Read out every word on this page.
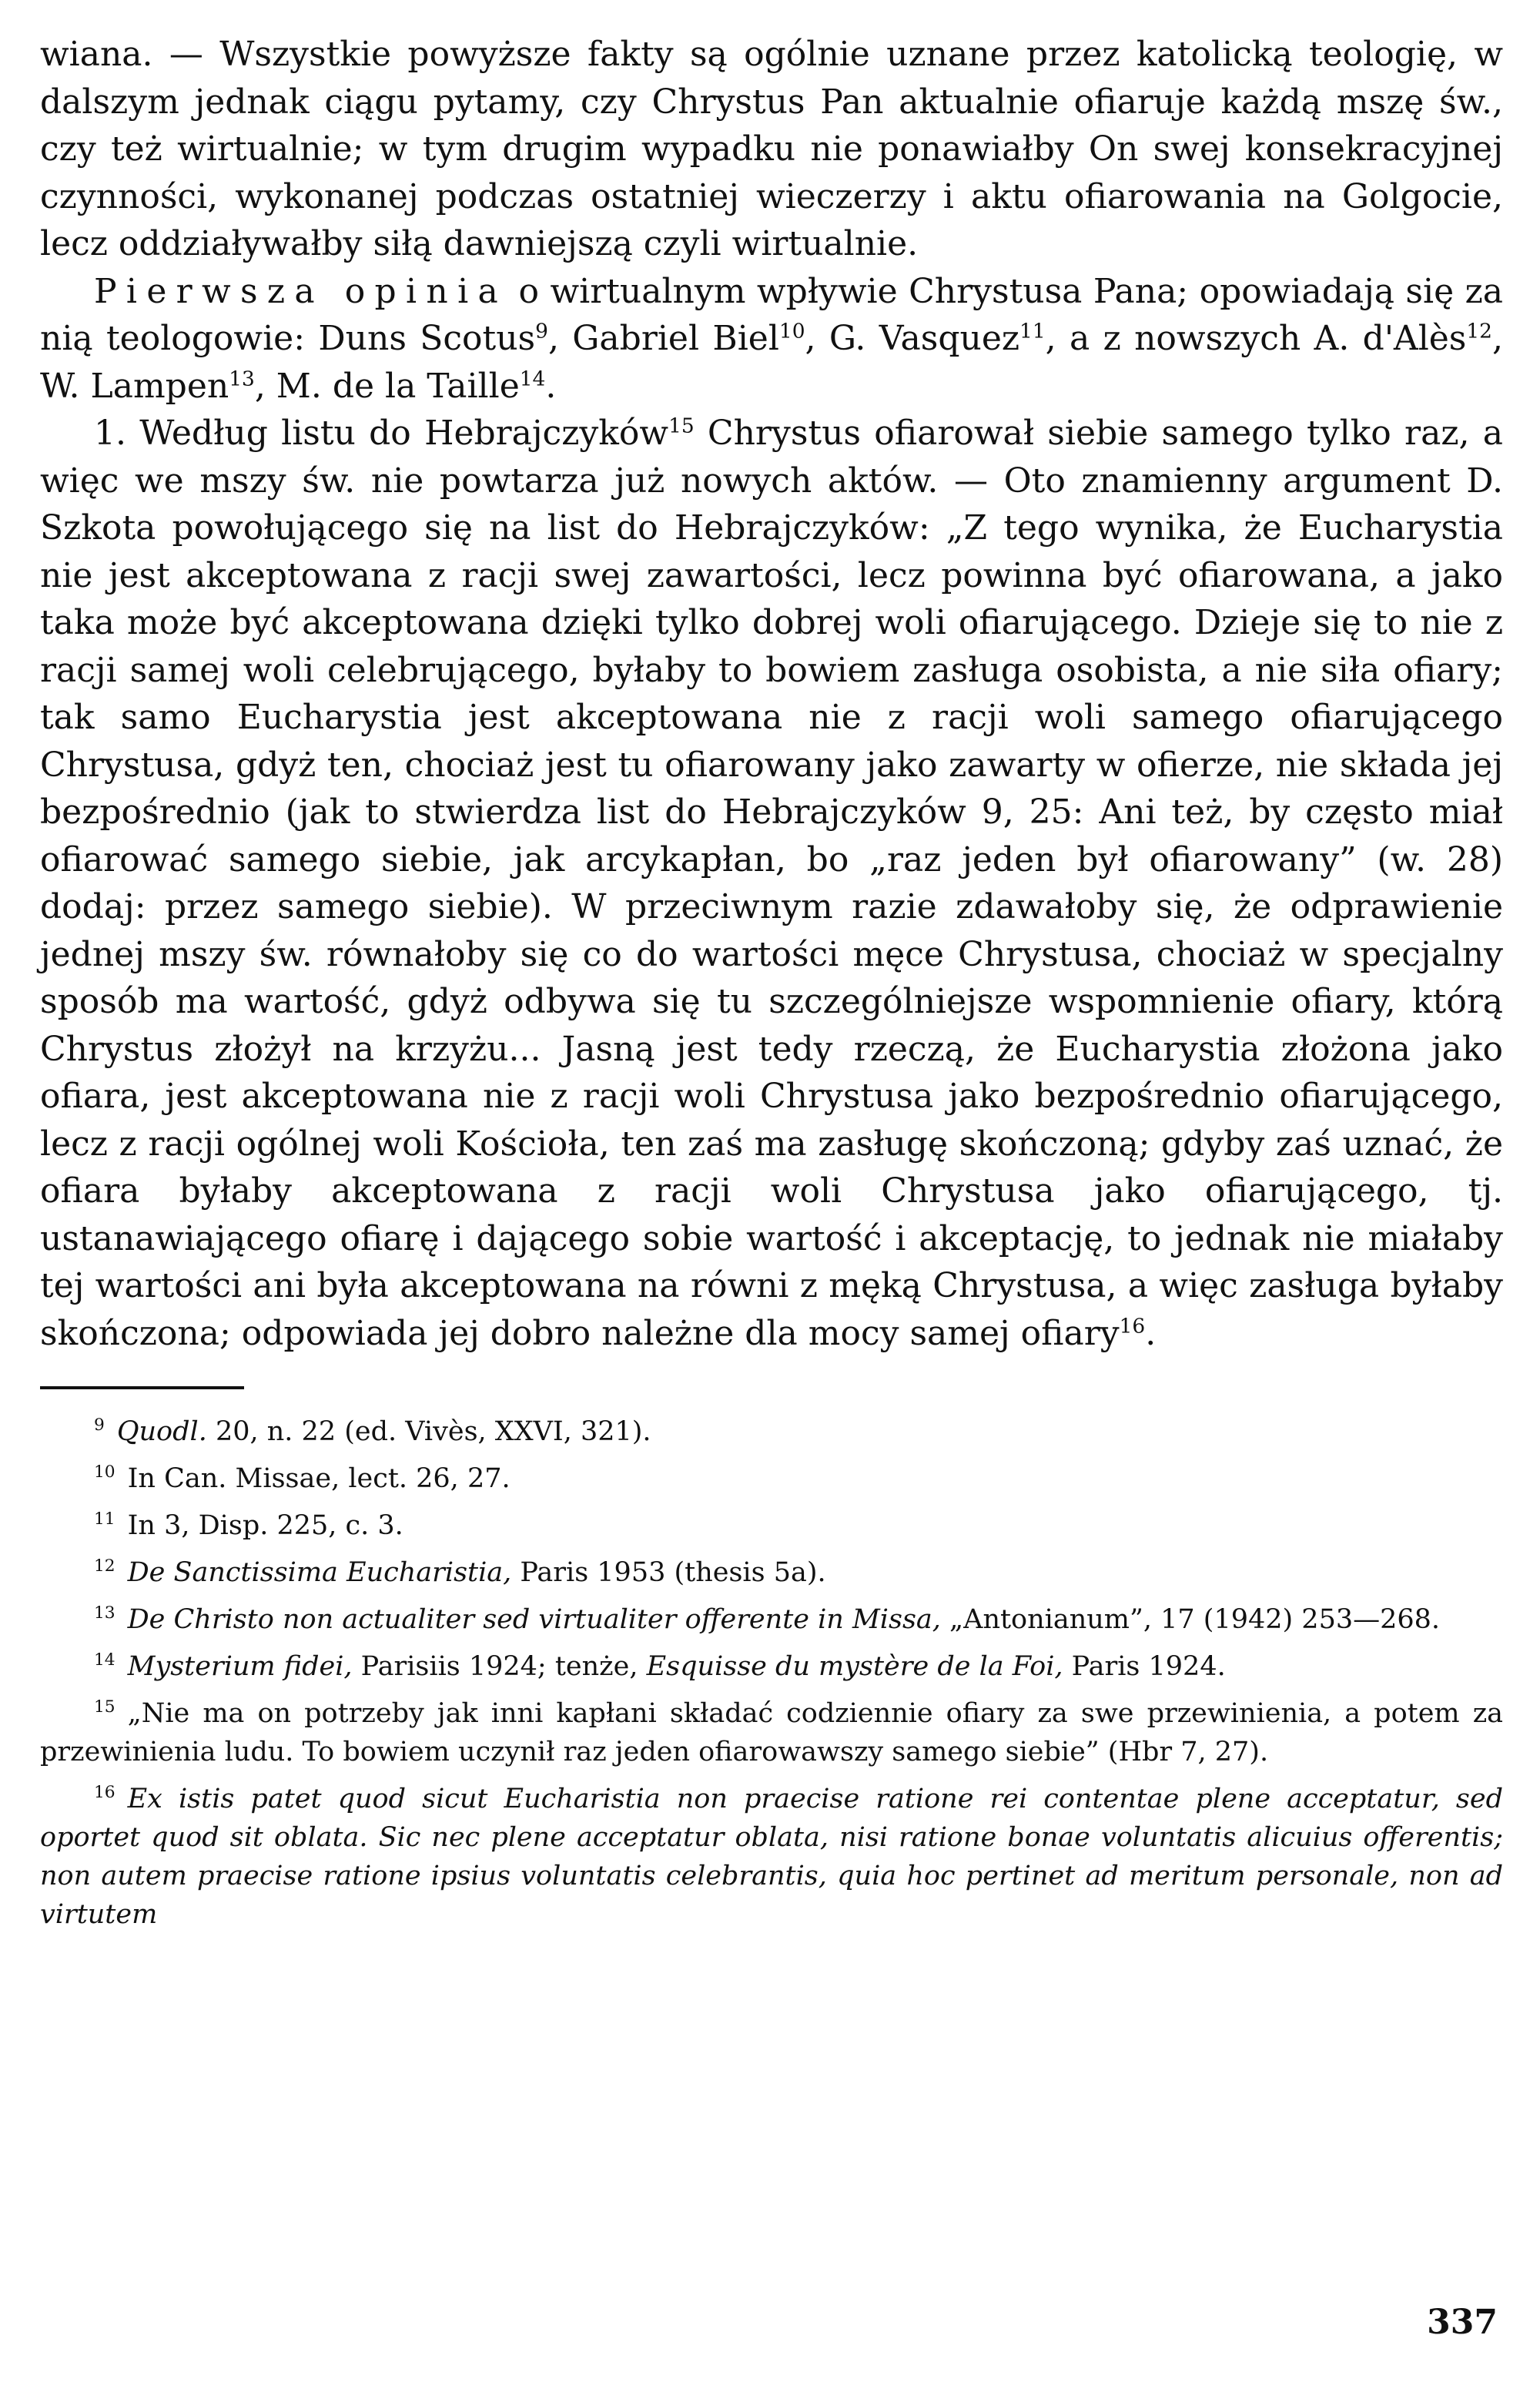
wiana. — Wszystkie powyższe fakty są ogólnie uznane przez katolicką teologię, w dalszym jednak ciągu pytamy, czy Chrystus Pan aktualnie ofiaruje każdą mszę św., czy też wirtualnie; w tym drugim wypadku nie ponawiałby On swej konsekracyjnej czynności, wykonanej podczas ostatniej wieczerzy i aktu ofiarowania na Golgocie, lecz oddziaływałby siłą dawniejszą czyli wirtualnie.

Pierwsza opinia o wirtualnym wpływie Chrystusa Pana; opowiadają się za nią teologowie: Duns Scotus$^9$, Gabriel Biel$^{10}$, G. Vasquez$^{11}$, a z nowszych A. d'Alès$^{12}$, W. Lampen$^{13}$, M. de la Taille$^{14}$.

1. Według listu do Hebrajczyków$^{15}$ Chrystus ofiarował siebie samego tylko raz, a więc we mszy św. nie powtarza już nowych aktów. — Oto znamienny argument D. Szkota powołującego się na list do Hebrajczyków: „Z tego wynika, że Eucharystia nie jest akceptowana z racji swej zawartości, lecz powinna być ofiarowana, a jako taka może być akceptowana dzięki tylko dobrej woli ofiarującego. Dzieje się to nie z racji samej woli celebrującego, byłaby to bowiem zasługa osobista, a nie siła ofiary; tak samo Eucharystia jest akceptowana nie z racji woli samego ofiarującego Chrystusa, gdyż ten, chociaż jest tu ofiarowany jako zawarty w ofierze, nie składa jej bezpośrednio (jak to stwierdza list do Hebrajczyków 9, 25: Ani też, by często miał ofiarować samego siebie, jak arcykapłan, bo „raz jeden był ofiarowany” (w. 28) dodaj: przez samego siebie). W przeciwnym razie zdawałoby się, że odprawienie jednej mszy św. równałoby się co do wartości męce Chrystusa, chociaż w specjalny sposób ma wartość, gdyż odbywa się tu szczególniejsze wspomnienie ofiary, którą Chrystus złożył na krzyżu... Jasną jest tedy rzeczą, że Eucharystia złożona jako ofiara, jest akceptowana nie z racji woli Chrystusa jako bezpośrednio ofiarującego, lecz z racji ogólnej woli Kościoła, ten zaś ma zasługę skończoną; gdyby zaś uznać, że ofiara byłaby akceptowana z racji woli Chrystusa jako ofiarującego, tj. ustanawiającego ofiarę i dającego sobie wartość i akceptację, to jednak nie miałaby tej wartości ani była akceptowana na równi z męką Chrystusa, a więc zasługa byłaby skończona; odpowiada jej dobro należne dla mocy samej ofiary$^{16}$.

$^9$ Quodl. 20, n. 22 (ed. Vivès, XXVI, 321).

$^{10}$ In Can. Missae, lect. 26, 27.

$^{11}$ In 3, Disp. 225, c. 3.

$^{12}$ De Sanctissima Eucharistia, Paris 1953 (thesis 5a).

$^{13}$ De Christo non actualiter sed virtualiter offerente in Missa, „Antonianum”, 17 (1942) 253—268.

$^{14}$ Mysterium fidei, Parisiis 1924; tenże, Esquisse du mystère de la Foi, Paris 1924.

$^{15}$ „Nie ma on potrzeby jak inni kapłani składać codziennie ofiary za swe przewinienia, a potem za przewinienia ludu. To bowiem uczynił raz jeden ofiarowawszy samego siebie” (Hbr 7, 27).

$^{16}$ Ex istis patet quod sicut Eucharistia non praecise ratione rei contentae plene acceptatur, sed oportet quod sit oblata. Sic nec plene acceptatur oblata, nisi ratione bonae voluntatis alicuius offerentis; non autem praecise ratione ipsius voluntatis celebrantis, quia hoc pertinet ad meritum personale, non ad virtutem

337
